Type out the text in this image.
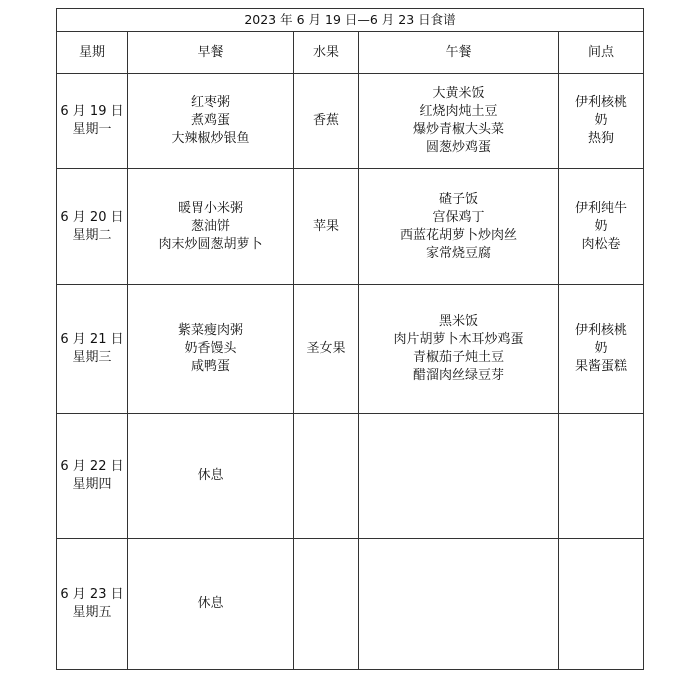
2023 年 6 月 19 日—6 月 23 日食谱				
星期	早餐	水果	午餐	间点

6 月 19 日
星期一	红枣粥
煮鸡蛋
大辣椒炒银鱼	香蕉	大黄米饭
红烧肉炖土豆
爆炒青椒大头菜
圆葱炒鸡蛋	伊利核桃
奶
热狗

6 月 20 日
星期二	暖胃小米粥
葱油饼
肉末炒圆葱胡萝卜	苹果	碴子饭
宫保鸡丁
西蓝花胡萝卜炒肉丝
家常烧豆腐	伊利纯牛
奶
肉松卷

6 月 21 日
星期三	紫菜瘦肉粥
奶香馒头
咸鸭蛋	圣女果	黑米饭
肉片胡萝卜木耳炒鸡蛋
青椒茄子炖土豆
醋溜肉丝绿豆芽	伊利核桃
奶
果酱蛋糕

6 月 22 日
星期四	休息			

6 月 23 日
星期五	休息			
